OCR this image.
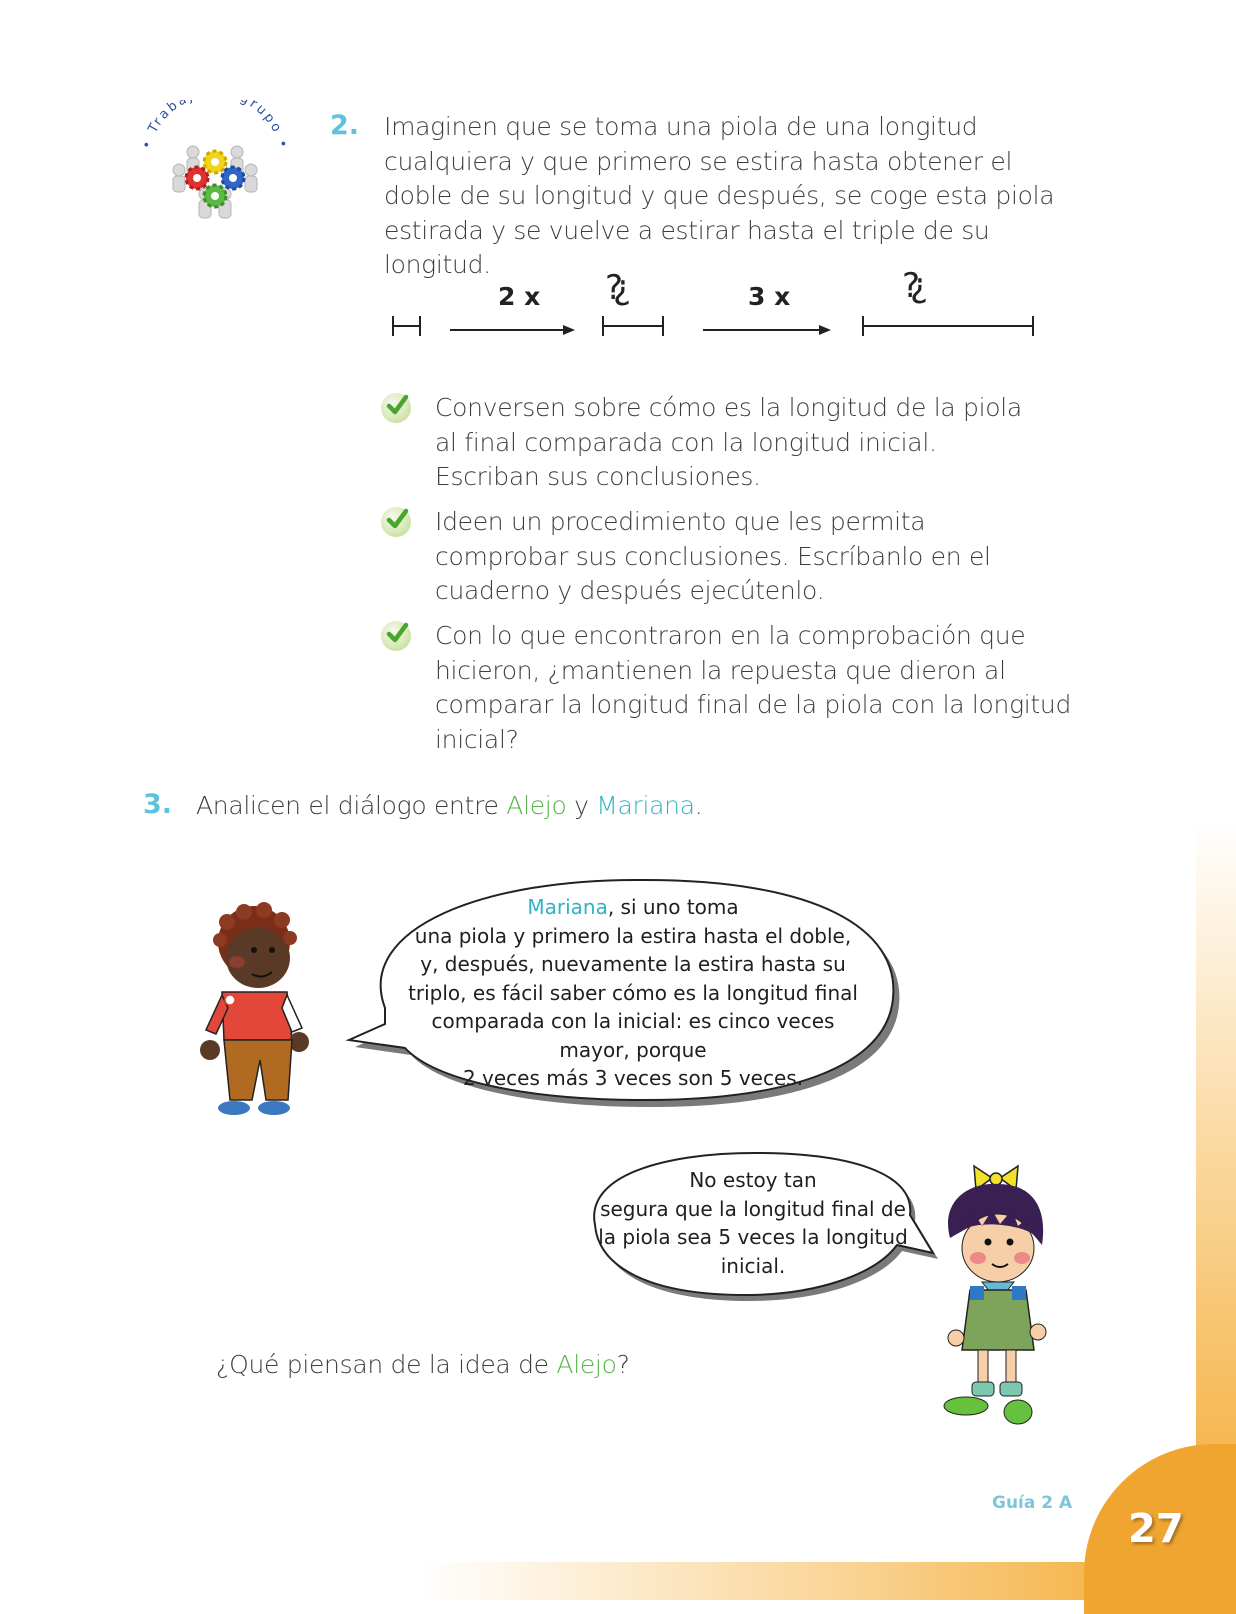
27
Guía 2 A
• Traba rupo •
2. Imaginen que se toma una piola de una longitud cualquiera y que primero se estira hasta obtener el doble de su longitud y que después, se coge esta piola estirada y se vuelve a estirar hasta el triple de su longitud.
2 x	3 x
Conversen sobre cómo es la longitud de la piola al final comparada con la longitud inicial. Escriban sus conclusiones.
Ideen un procedimiento que les permita comprobar sus conclusiones. Escríbanlo en el cuaderno y después ejecútenlo.
Con lo que encontraron en la comprobación que hicieron, ¿mantienen la repuesta que dieron al comparar la longitud final de la piola con la longitud inicial?
3. Analicen el diálogo entre Alejo y Mariana.
Mariana, si uno toma
una piola y primero la estira hasta el doble,
y, después, nuevamente la estira hasta su
triplo, es fácil saber cómo es la longitud final
comparada con la inicial: es cinco veces
mayor, porque
2 veces más 3 veces son 5 veces.
No estoy tan
segura que la longitud final de
la piola sea 5 veces la longitud
inicial.
¿Qué piensan de la idea de Alejo?
